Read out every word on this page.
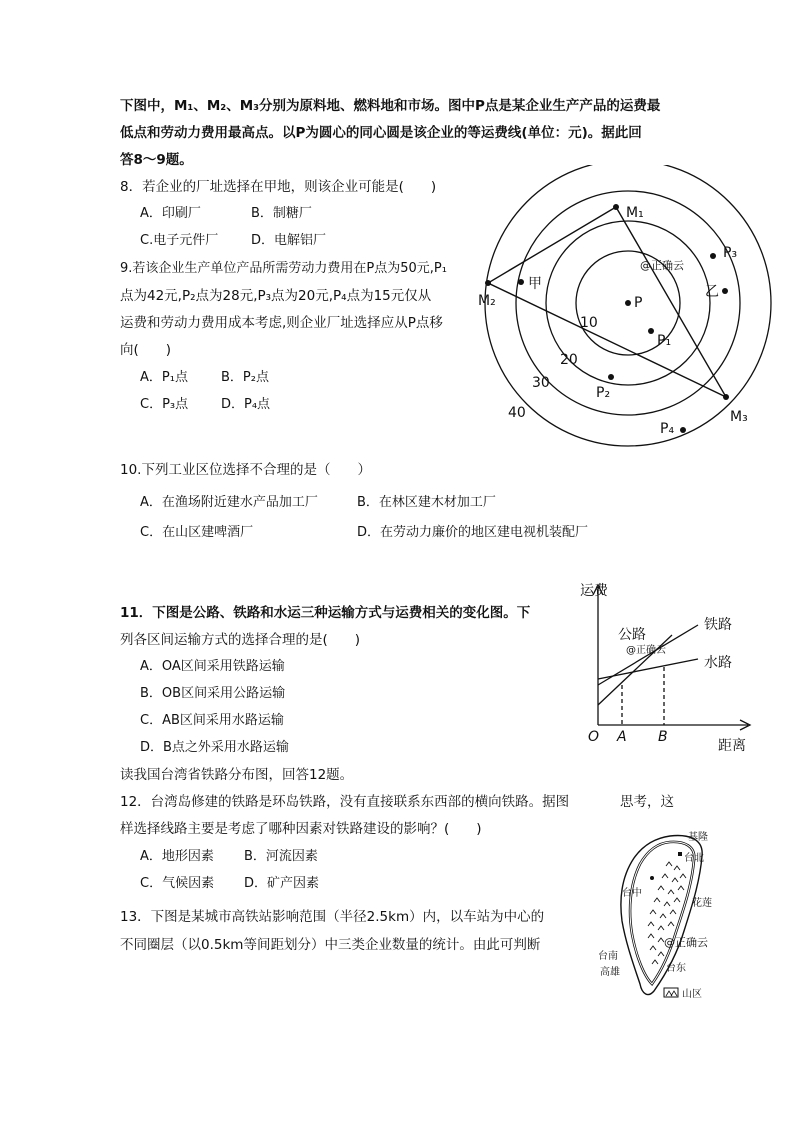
下图中，M₁、M₂、M₃分别为原料地、燃料地和市场。图中P点是某企业生产产品的运费最
低点和劳动力费用最高点。以P为圆心的同心圆是该企业的等运费线(单位：元)。据此回
答8～9题。
8．若企业的厂址选择在甲地，则该企业可能是(　　)
A．印刷厂	B．制糖厂
C.电子元件厂	D．电解铝厂
9.若该企业生产单位产品所需劳动力费用在P点为50元,P₁
点为42元,P₂点为28元,P₃点为20元,P₄点为15元仅从
运费和劳动力费用成本考虑,则企业厂址选择应从P点移
向(　　)
A．P₁点	B．P₂点
C．P₃点	D．P₄点
M₁
M₂
M₃
P
P₁
P₂
P₃
P₄
甲	乙
10
20
30
40
@正确云
10.下列工业区位选择不合理的是（　　）
A．在渔场附近建水产品加工厂	B．在林区建木材加工厂
C．在山区建啤酒厂	D．在劳动力廉价的地区建电视机装配厂
11．下图是公路、铁路和水运三种运输方式与运费相关的变化图。下
列各区间运输方式的选择合理的是(　　)
A．OA区间采用铁路运输
B．OB区间采用公路运输
C．AB区间采用水路运输
D．B点之外采用水路运输
运费
距离
公路
铁路
水路
O A B
@正确云
读我国台湾省铁路分布图，回答12题。
12．台湾岛修建的铁路是环岛铁路，没有直接联系东西部的横向铁路。据图	思考，这
样选择线路主要是考虑了哪种因素对铁路建设的影响？(　　)
A．地形因素 B．河流因素
C．气候因素 D．矿产因素
基隆
台北
台中
花莲
台南
高雄	台东
@正确云
山区
13．下图是某城市高铁站影响范围（半径2.5km）内，以车站为中心的
不同圈层（以0.5km等间距划分）中三类企业数量的统计。由此可判断
